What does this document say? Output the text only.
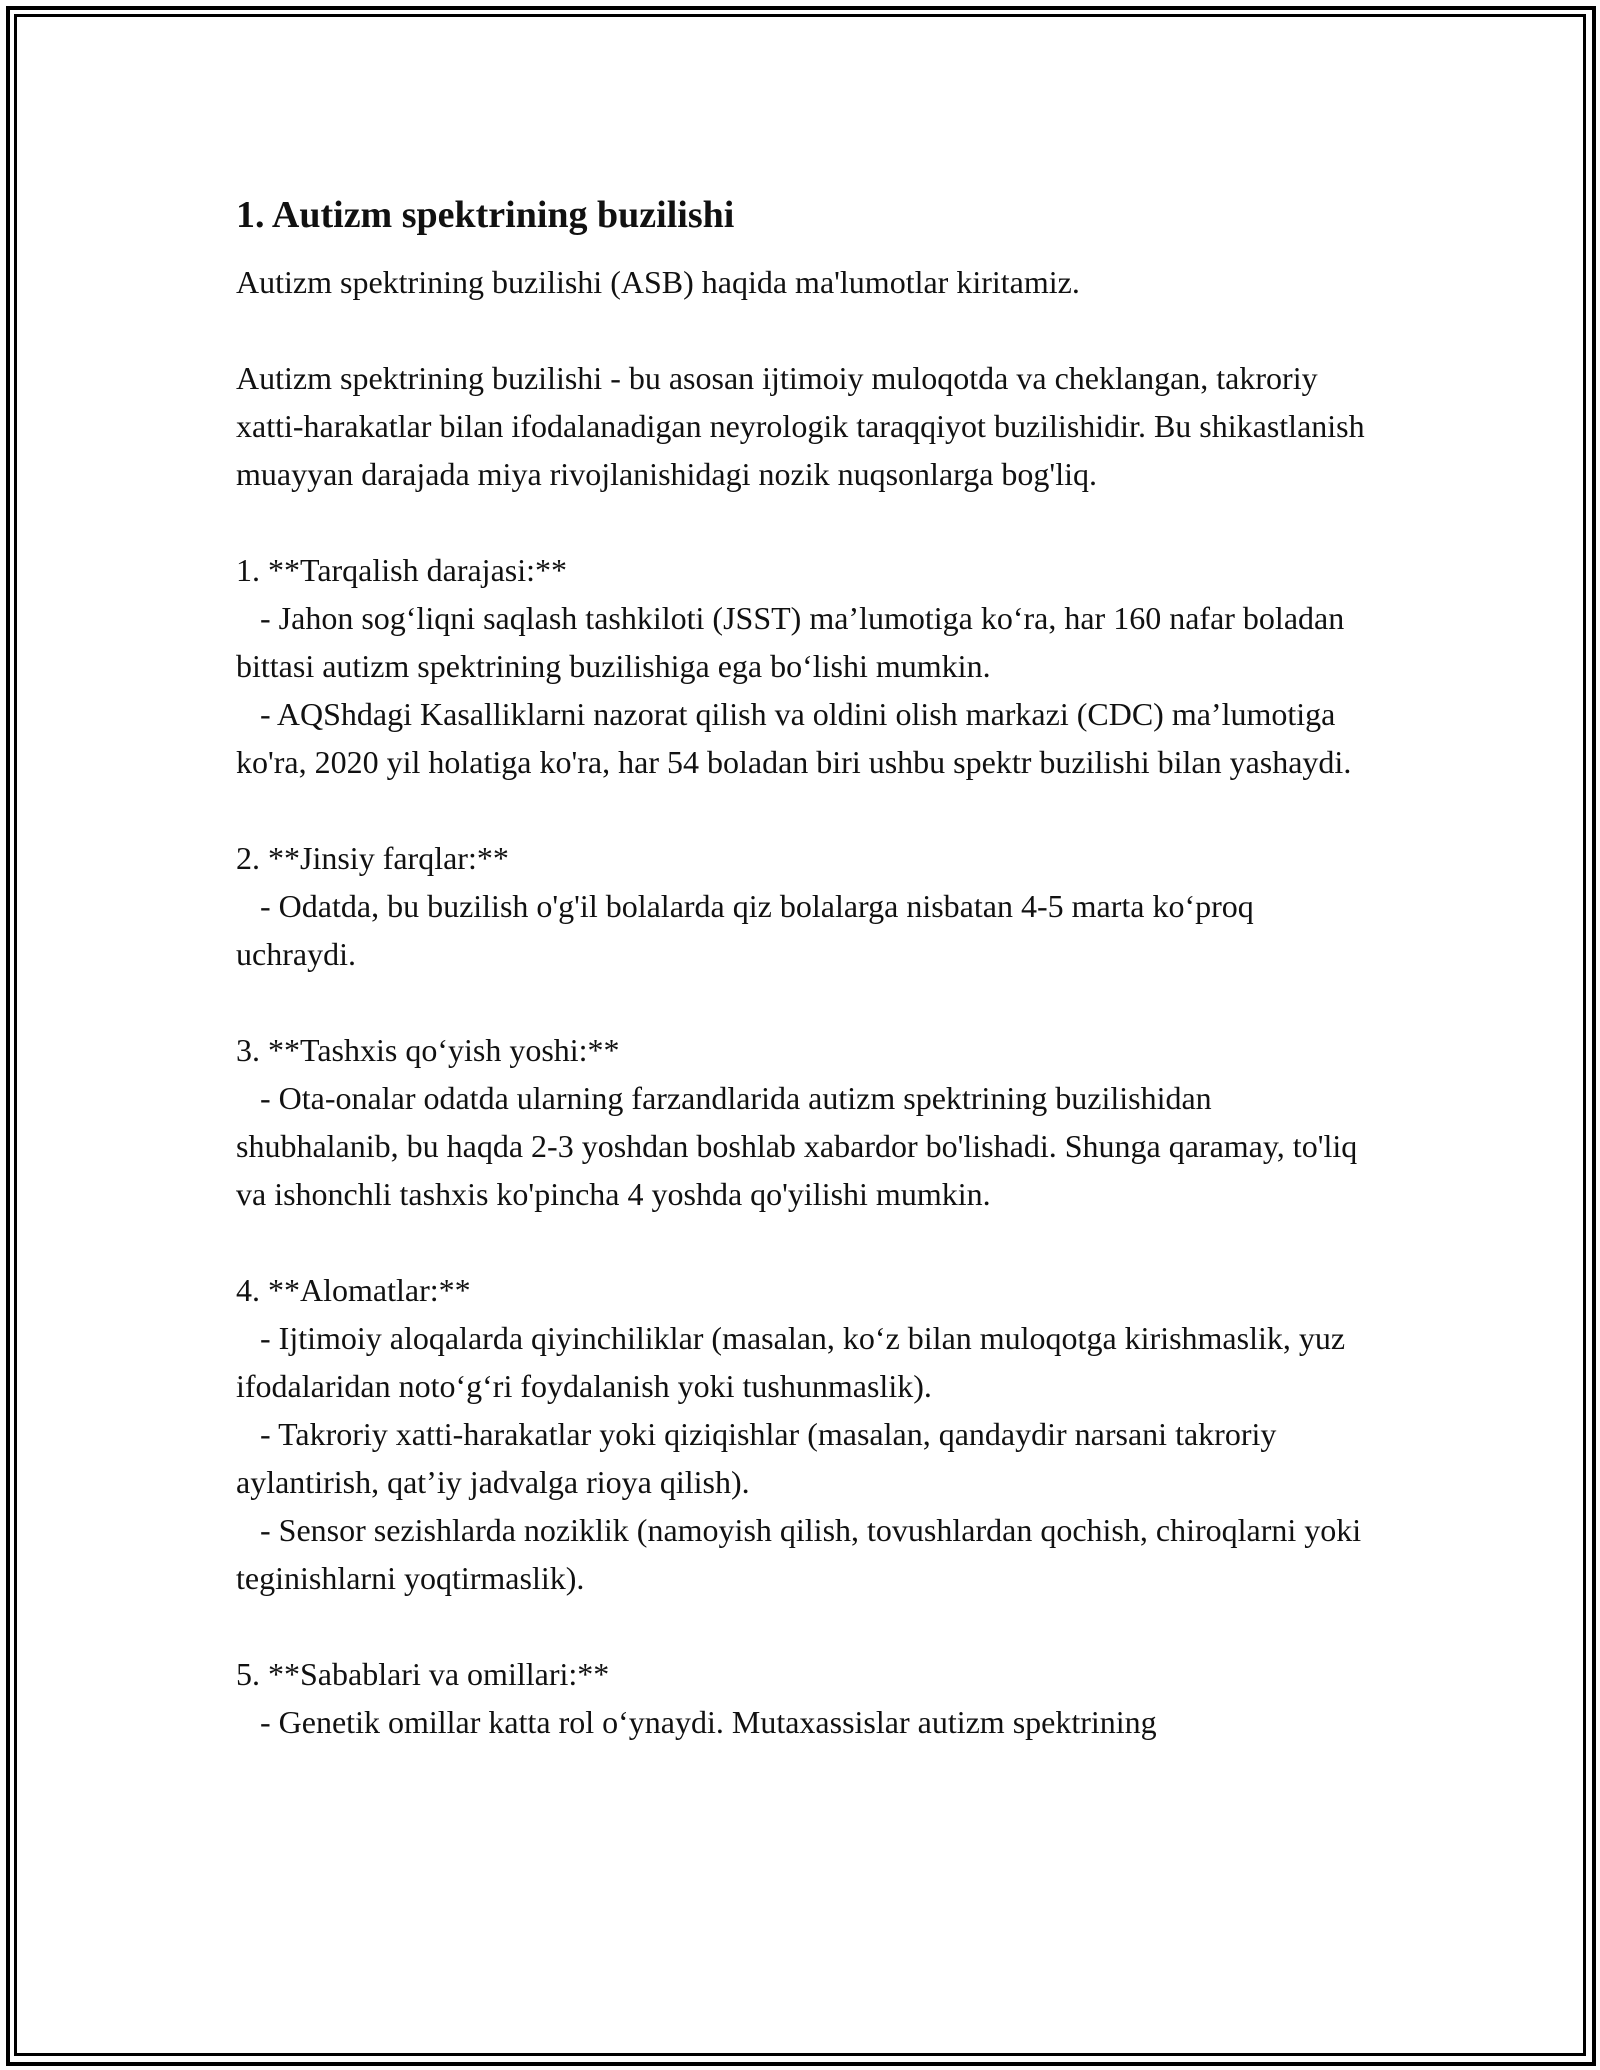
1. Autizm spektrining buzilishi

Autizm spektrining buzilishi (ASB) haqida ma'lumotlar kiritamiz.

Autizm spektrining buzilishi - bu asosan ijtimoiy muloqotda va cheklangan, takroriy xatti-harakatlar bilan ifodalanadigan neyrologik taraqqiyot buzilishidir. Bu shikastlanish muayyan darajada miya rivojlanishidagi nozik nuqsonlarga bog'liq.

1. **Tarqalish darajasi:**

- Jahon sog‘liqni saqlash tashkiloti (JSST) ma’lumotiga ko‘ra, har 160 nafar boladan bittasi autizm spektrining buzilishiga ega bo‘lishi mumkin.

- AQShdagi Kasalliklarni nazorat qilish va oldini olish markazi (CDC) ma’lumotiga ko'ra, 2020 yil holatiga ko'ra, har 54 boladan biri ushbu spektr buzilishi bilan yashaydi.

2. **Jinsiy farqlar:**

- Odatda, bu buzilish o'g'il bolalarda qiz bolalarga nisbatan 4-5 marta ko‘proq uchraydi.

3. **Tashxis qo‘yish yoshi:**

- Ota-onalar odatda ularning farzandlarida autizm spektrining buzilishidan shubhalanib, bu haqda 2-3 yoshdan boshlab xabardor bo'lishadi. Shunga qaramay, to'liq va ishonchli tashxis ko'pincha 4 yoshda qo'yilishi mumkin.

4. **Alomatlar:**

- Ijtimoiy aloqalarda qiyinchiliklar (masalan, ko‘z bilan muloqotga kirishmaslik, yuz ifodalaridan noto‘g‘ri foydalanish yoki tushunmaslik).

- Takroriy xatti-harakatlar yoki qiziqishlar (masalan, qandaydir narsani takroriy aylantirish, qat’iy jadvalga rioya qilish).

- Sensor sezishlarda noziklik (namoyish qilish, tovushlardan qochish, chiroqlarni yoki teginishlarni yoqtirmaslik).

5. **Sabablari va omillari:**

- Genetik omillar katta rol o‘ynaydi. Mutaxassislar autizm spektrining
